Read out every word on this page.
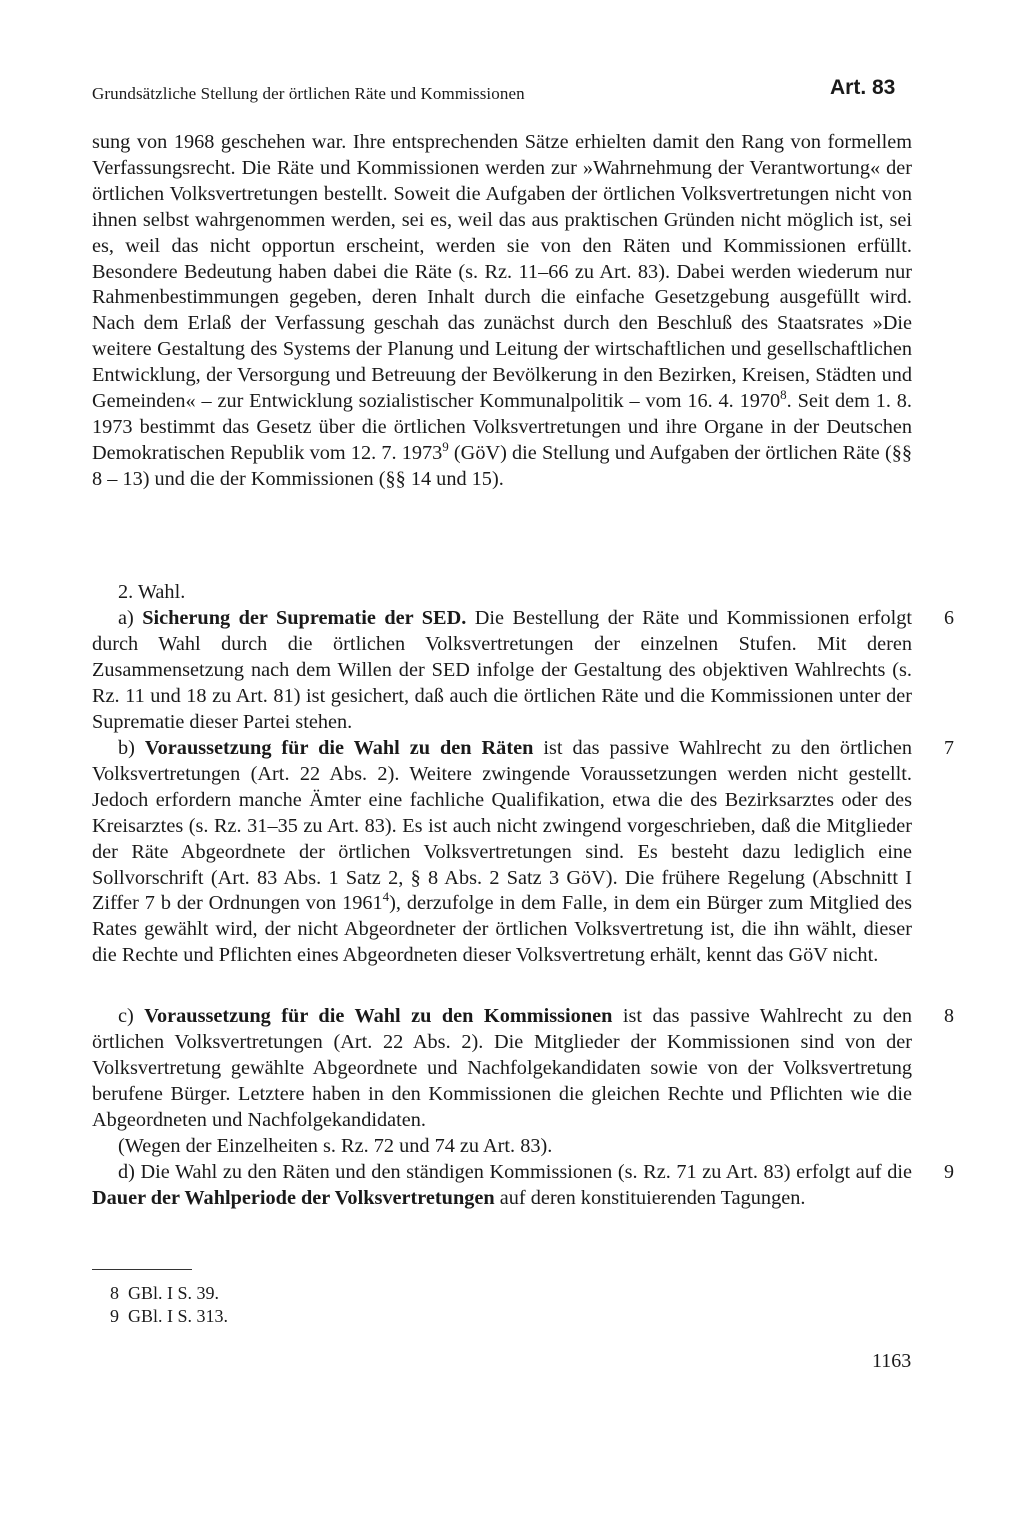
Grundsätzliche Stellung der örtlichen Räte und Kommissionen	Art. 83

sung von 1968 geschehen war. Ihre entsprechenden Sätze erhielten damit den Rang von formellem Verfassungsrecht. Die Räte und Kommissionen werden zur »Wahrnehmung der Verantwortung« der örtlichen Volksvertretungen bestellt. Soweit die Aufgaben der örtlichen Volksvertretungen nicht von ihnen selbst wahrgenommen werden, sei es, weil das aus praktischen Gründen nicht möglich ist, sei es, weil das nicht opportun erscheint, werden sie von den Räten und Kommissionen erfüllt. Besondere Bedeutung haben dabei die Räte (s. Rz. 11–66 zu Art. 83). Dabei werden wiederum nur Rahmenbestimmungen gegeben, deren Inhalt durch die einfache Gesetzgebung ausgefüllt wird. Nach dem Erlaß der Verfassung geschah das zunächst durch den Beschluß des Staatsrates »Die weitere Gestaltung des Systems der Planung und Leitung der wirtschaftlichen und gesellschaftlichen Entwicklung, der Versorgung und Betreuung der Bevölkerung in den Bezirken, Kreisen, Städten und Gemeinden« – zur Entwicklung sozialistischer Kommunalpolitik – vom 16. 4. 1970$^8$. Seit dem 1. 8. 1973 bestimmt das Gesetz über die örtlichen Volksvertretungen und ihre Organe in der Deutschen Demokratischen Republik vom 12. 7. 1973$^9$ (GöV) die Stellung und Aufgaben der örtlichen Räte (§§ 8 – 13) und die der Kommissionen (§§ 14 und 15).

2. Wahl.

a) Sicherung der Suprematie der SED. Die Bestellung der Räte und Kommissionen erfolgt durch Wahl durch die örtlichen Volksvertretungen der einzelnen Stufen. Mit deren Zusammensetzung nach dem Willen der SED infolge der Gestaltung des objektiven Wahlrechts (s. Rz. 11 und 18 zu Art. 81) ist gesichert, daß auch die örtlichen Räte und die Kommissionen unter der Suprematie dieser Partei stehen.

6

b) Voraussetzung für die Wahl zu den Räten ist das passive Wahlrecht zu den örtlichen Volksvertretungen (Art. 22 Abs. 2). Weitere zwingende Voraussetzungen werden nicht gestellt. Jedoch erfordern manche Ämter eine fachliche Qualifikation, etwa die des Bezirksarztes oder des Kreisarztes (s. Rz. 31–35 zu Art. 83). Es ist auch nicht zwingend vorgeschrieben, daß die Mitglieder der Räte Abgeordnete der örtlichen Volksvertretungen sind. Es besteht dazu lediglich eine Sollvorschrift (Art. 83 Abs. 1 Satz 2, § 8 Abs. 2 Satz 3 GöV). Die frühere Regelung (Abschnitt I Ziffer 7 b der Ordnungen von 1961$^4$), derzufolge in dem Falle, in dem ein Bürger zum Mitglied des Rates gewählt wird, der nicht Abgeordneter der örtlichen Volksvertretung ist, die ihn wählt, dieser die Rechte und Pflichten eines Abgeordneten dieser Volksvertretung erhält, kennt das GöV nicht.

7

c) Voraussetzung für die Wahl zu den Kommissionen ist das passive Wahlrecht zu den örtlichen Volksvertretungen (Art. 22 Abs. 2). Die Mitglieder der Kommissionen sind von der Volksvertretung gewählte Abgeordnete und Nachfolgekandidaten sowie von der Volksvertretung berufene Bürger. Letztere haben in den Kommissionen die gleichen Rechte und Pflichten wie die Abgeordneten und Nachfolgekandidaten.

(Wegen der Einzelheiten s. Rz. 72 und 74 zu Art. 83).

8

d) Die Wahl zu den Räten und den ständigen Kommissionen (s. Rz. 71 zu Art. 83) erfolgt auf die Dauer der Wahlperiode der Volksvertretungen auf deren konstituierenden Tagungen.

9
8 GBl. I S. 39.
9 GBl. I S. 313.
1163
